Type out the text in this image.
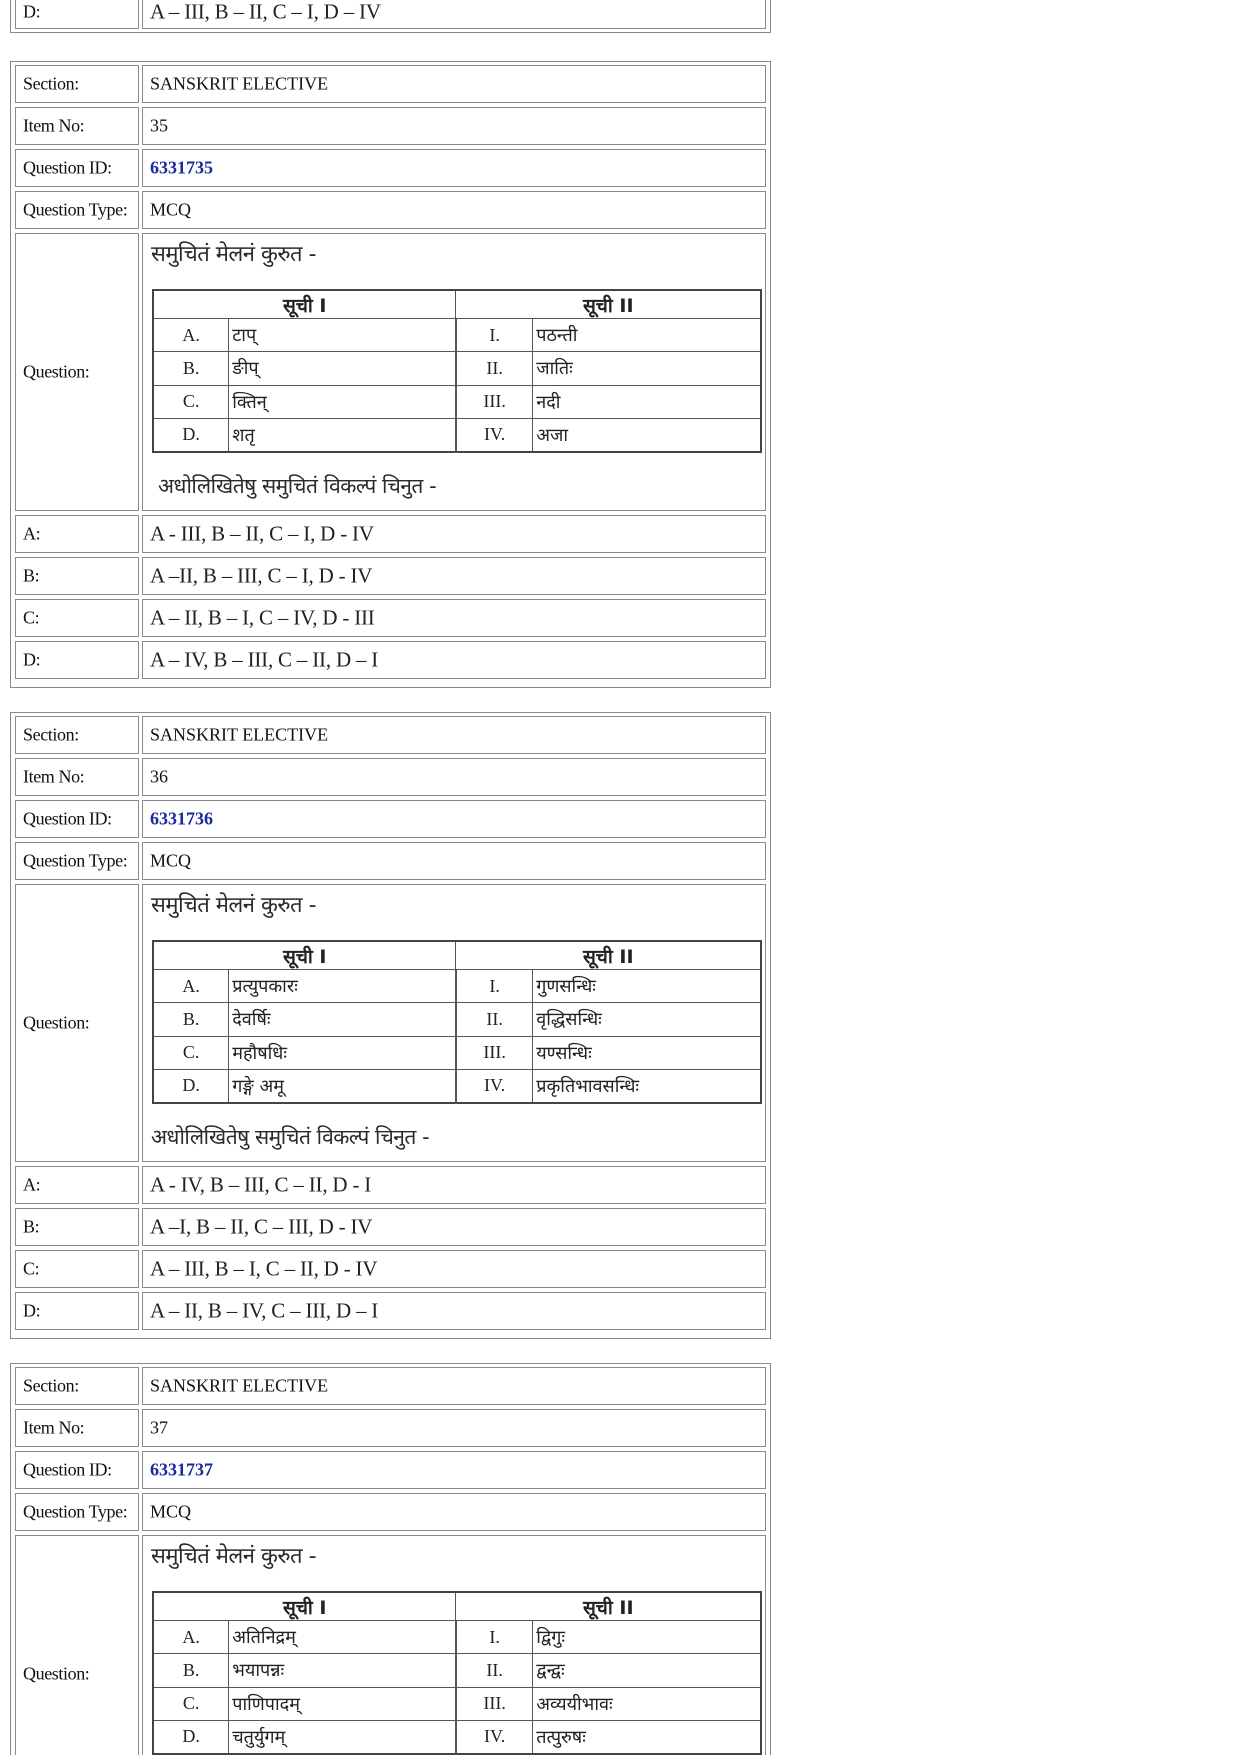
D:	A – III, B – II, C – I, D – IV
Section:	SANSKRIT ELECTIVE
Item No:	35
Question ID: 6331735
Question Type: MCQ
Question:
समुचितं मेलनं कुरुत -
सूची I		सूची II	
A.	टाप्	I.	पठन्ती
B.	ङीप्	II.	जातिः
C.	क्तिन्	III.	नदी
D.	शतृ	IV.	अजा
अधोलिखितेषु समुचितं विकल्पं चिनुत -
A:	A - III, B – II, C – I, D - IV
B:	A –II, B – III, C – I, D - IV
C:	A – II, B – I, C – IV, D - III
D:	A – IV, B – III, C – II, D – I
Section:	SANSKRIT ELECTIVE
Item No:	36
Question ID: 6331736
Question Type: MCQ
Question:
समुचितं मेलनं कुरुत -
सूची I		सूची II	
A.	प्रत्युपकारः	I.	गुणसन्धिः
B.	देवर्षिः	II.	वृद्धिसन्धिः
C.	महौषधिः	III.	यण्सन्धिः
D.	गङ्गे अमू	IV.	प्रकृतिभावसन्धिः
अधोलिखितेषु समुचितं विकल्पं चिनुत -
A:	A - IV, B – III, C – II, D - I
B:	A –I, B – II, C – III, D - IV
C:	A – III, B – I, C – II, D - IV
D:	A – II, B – IV, C – III, D – I
Section:	SANSKRIT ELECTIVE
Item No:	37
Question ID: 6331737
Question Type: MCQ
Question:
समुचितं मेलनं कुरुत -
सूची I		सूची II	
A.	अतिनिद्रम्	I.	द्विगुः
B.	भयापन्नः	II.	द्वन्द्वः
C.	पाणिपादम्	III.	अव्ययीभावः
D.	चतुर्युगम्	IV.	तत्पुरुषः
